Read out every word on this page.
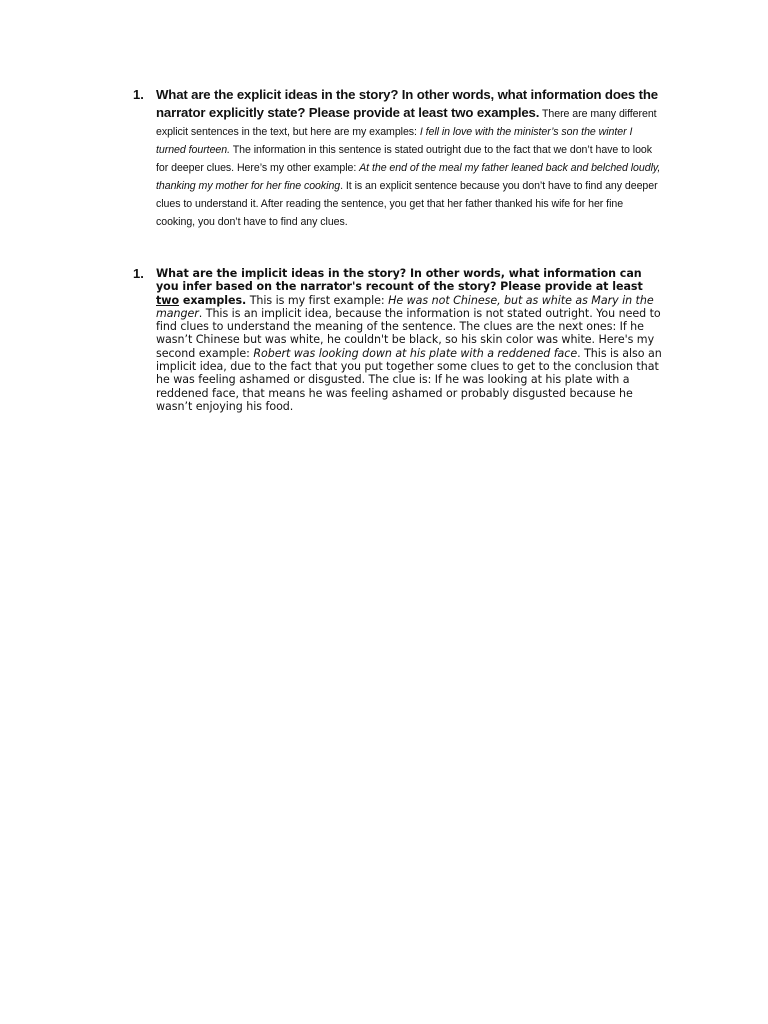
1. What are the explicit ideas in the story? In other words, what information does the narrator explicitly state? Please provide at least two examples. There are many different explicit sentences in the text, but here are my examples: I fell in love with the minister’s son the winter I turned fourteen. The information in this sentence is stated outright due to the fact that we don’t have to look for deeper clues. Here’s my other example: At the end of the meal my father leaned back and belched loudly, thanking my mother for her fine cooking. It is an explicit sentence because you don’t have to find any deeper clues to understand it. After reading the sentence, you get that her father thanked his wife for her fine cooking, you don’t have to find any clues.
1. What are the implicit ideas in the story? In other words, what information can you infer based on the narrator's recount of the story? Please provide at least two examples. This is my first example: He was not Chinese, but as white as Mary in the manger. This is an implicit idea, because the information is not stated outright. You need to find clues to understand the meaning of the sentence. The clues are the next ones: If he wasn’t Chinese but was white, he couldn't be black, so his skin color was white. Here's my second example: Robert was looking down at his plate with a reddened face. This is also an implicit idea, due to the fact that you put together some clues to get to the conclusion that he was feeling ashamed or disgusted. The clue is: If he was looking at his plate with a reddened face, that means he was feeling ashamed or probably disgusted because he wasn’t enjoying his food.
